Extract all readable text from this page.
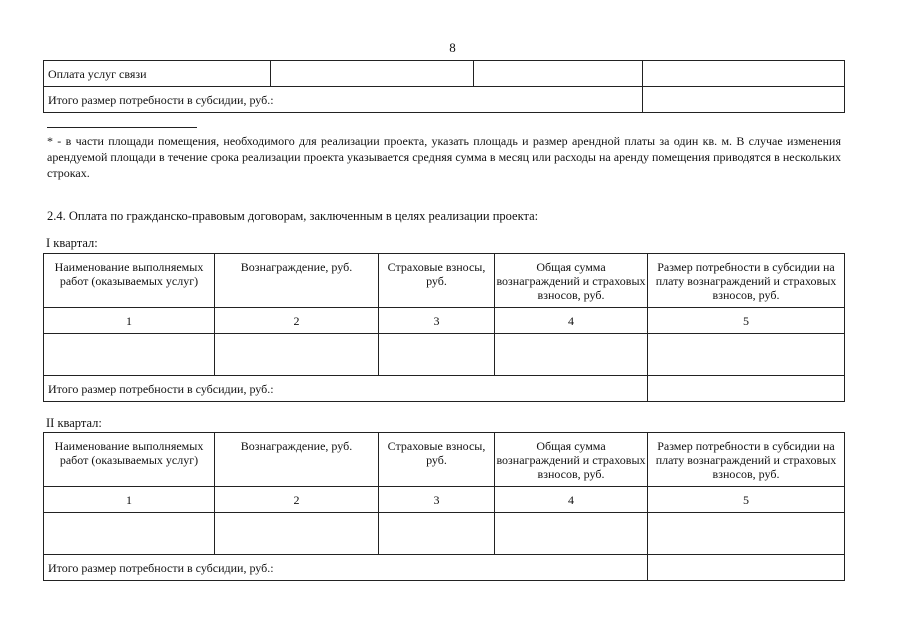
8
Оплата услуг связи			
Итого размер потребности в субсидии, руб.:			
* - в части площади помещения, необходимого для реализации проекта, указать площадь и размер арендной платы за один кв. м. В случае изменения арендуемой площади в течение срока реализации проекта указывается средняя сумма в месяц или расходы на аренду помещения приводятся в нескольких строках.
2.4. Оплата по гражданско-правовым договорам, заключенным в целях реализации проекта:
I квартал:
Наименование выполняемых работ (оказываемых услуг)	Вознаграждение, руб.	Страховые взносы, руб.	Общая сумма вознаграждений и страховых взносов, руб.	Размер потребности в субсидии на плату вознаграждений и страховых взносов, руб.
1	2	3	4	5

Итого размер потребности в субсидии, руб.:				
II квартал:
Наименование выполняемых работ (оказываемых услуг)	Вознаграждение, руб.	Страховые взносы, руб.	Общая сумма вознаграждений и страховых взносов, руб.	Размер потребности в субсидии на плату вознаграждений и страховых взносов, руб.
1	2	3	4	5

Итого размер потребности в субсидии, руб.:				
